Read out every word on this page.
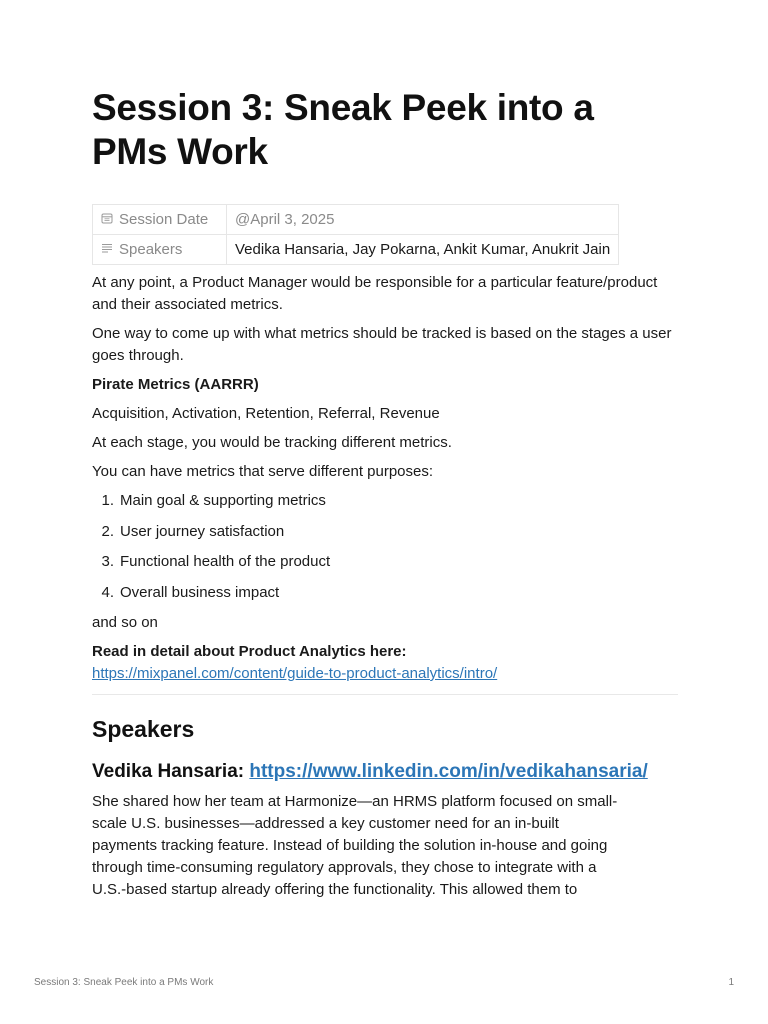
Session 3: Sneak Peek into a PMs Work
Session Date	@April 3, 2025
Speakers	Vedika Hansaria, Jay Pokarna, Ankit Kumar, Anukrit Jain

At any point, a Product Manager would be responsible for a particular feature/product and their associated metrics.

One way to come up with what metrics should be tracked is based on the stages a user goes through.

Pirate Metrics (AARRR)

Acquisition, Activation, Retention, Referral, Revenue

At each stage, you would be tracking different metrics.

You can have metrics that serve different purposes:

1. Main goal & supporting metrics
2. User journey satisfaction
3. Functional health of the product
4. Overall business impact

and so on

Read in detail about Product Analytics here:

https://mixpanel.com/content/guide-to-product-analytics/intro/

Speakers
Vedika Hansaria: https://www.linkedin.com/in/vedikahansaria/
She shared how her team at Harmonize—an HRMS platform focused on small-
scale U.S. businesses—addressed a key customer need for an in-built
payments tracking feature. Instead of building the solution in-house and going
through time-consuming regulatory approvals, they chose to integrate with a
U.S.-based startup already offering the functionality. This allowed them to
Session 3: Sneak Peek into a PMs Work	1
